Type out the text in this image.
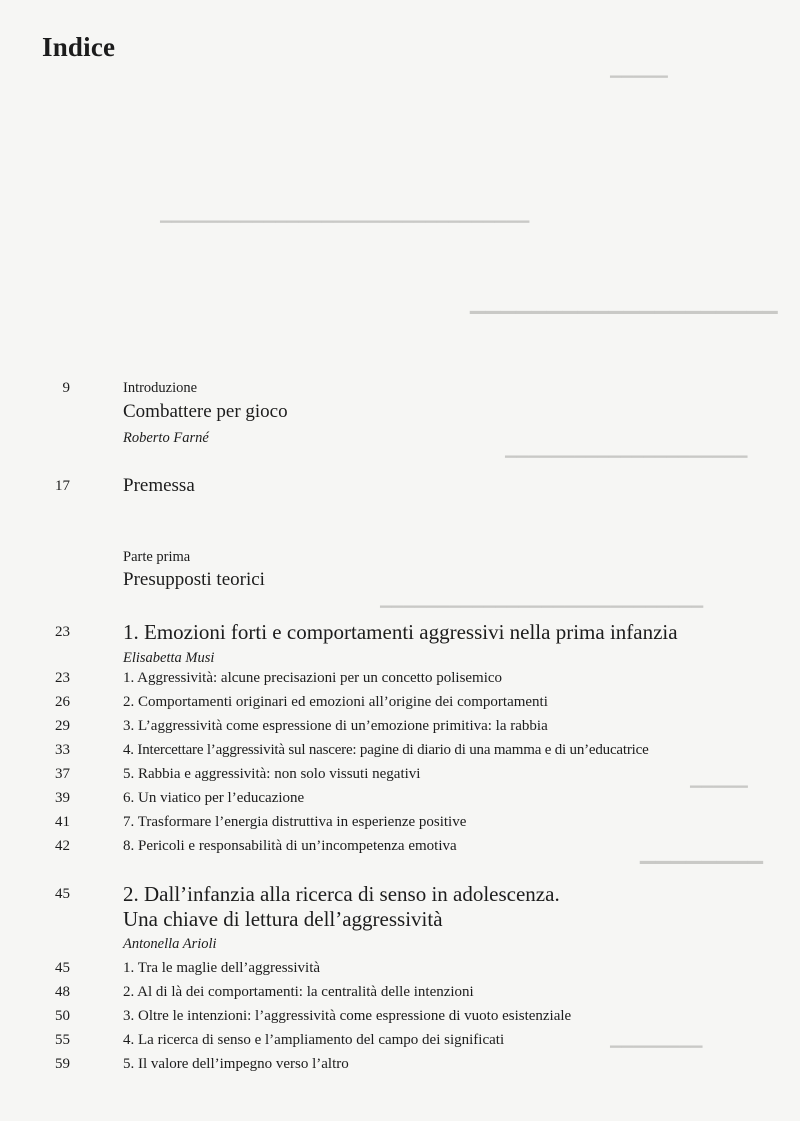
▁▁▁▁▁
▁▁▁▁▁▁▁▁▁▁▁▁▁▁▁▁▁▁▁▁▁▁▁▁▁▁▁▁▁▁▁▁
▁▁▁▁▁▁▁▁▁▁▁▁▁▁▁▁▁▁▁▁
▁▁▁▁▁▁▁▁▁▁▁▁▁▁▁▁▁▁▁▁▁
▁▁▁▁▁▁▁▁▁▁▁▁▁▁▁▁▁▁▁▁▁▁▁▁▁▁▁▁
▁▁▁▁▁
▁▁▁▁▁▁▁▁
▁▁▁▁▁▁▁▁
Indice
9	Introduzione
Combattere per gioco
Roberto Farné
17	Premessa
Parte prima
Presupposti teorici
23	1. Emozioni forti e comportamenti aggressivi nella prima infanzia
Elisabetta Musi
23	1. Aggressività: alcune precisazioni per un concetto polisemico
26	2. Comportamenti originari ed emozioni all’origine dei comportamenti
29	3. L’aggressività come espressione di un’emozione primitiva: la rabbia
33	4. Intercettare l’aggressività sul nascere: pagine di diario di una mamma e di un’educatrice
37	5. Rabbia e aggressività: non solo vissuti negativi
39	6. Un viatico per l’educazione
41	7. Trasformare l’energia distruttiva in esperienze positive
42	8. Pericoli e responsabilità di un’incompetenza emotiva
45	2. Dall’infanzia alla ricerca di senso in adolescenza.
Una chiave di lettura dell’aggressività
Antonella Arioli
45	1. Tra le maglie dell’aggressività
48	2. Al di là dei comportamenti: la centralità delle intenzioni
50	3. Oltre le intenzioni: l’aggressività come espressione di vuoto esistenziale
55	4. La ricerca di senso e l’ampliamento del campo dei significati
59	5. Il valore dell’impegno verso l’altro
